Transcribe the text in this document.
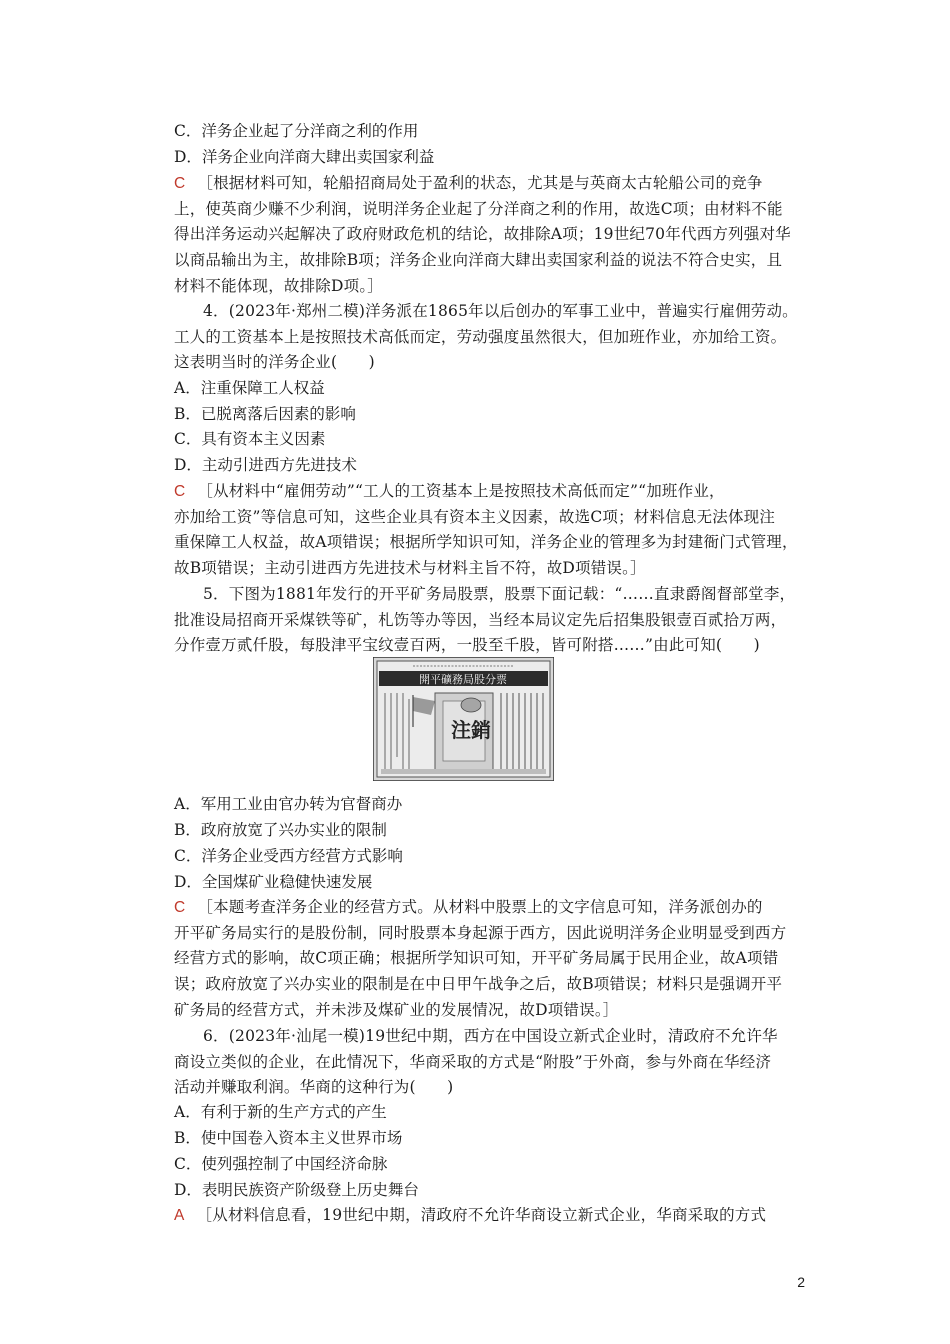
C．洋务企业起了分洋商之利的作用
D．洋务企业向洋商大肆出卖国家利益
C ［根据材料可知，轮船招商局处于盈利的状态，尤其是与英商太古轮船公司的竞争
上，使英商少赚不少利润，说明洋务企业起了分洋商之利的作用，故选C项；由材料不能
得出洋务运动兴起解决了政府财政危机的结论，故排除A项；19世纪70年代西方列强对华
以商品输出为主，故排除B项；洋务企业向洋商大肆出卖国家利益的说法不符合史实，且
材料不能体现，故排除D项。］
4．(2023年·郑州二模)洋务派在1865年以后创办的军事工业中，普遍实行雇佣劳动。
工人的工资基本上是按照技术高低而定，劳动强度虽然很大，但加班作业，亦加给工资。
这表明当时的洋务企业(　　)
A．注重保障工人权益
B．已脱离落后因素的影响
C．具有资本主义因素
D．主动引进西方先进技术
C ［从材料中“雇佣劳动”“工人的工资基本上是按照技术高低而定”“加班作业，
亦加给工资”等信息可知，这些企业具有资本主义因素，故选C项；材料信息无法体现注
重保障工人权益，故A项错误；根据所学知识可知，洋务企业的管理多为封建衙门式管理，
故B项错误；主动引进西方先进技术与材料主旨不符，故D项错误。］
5．下图为1881年发行的开平矿务局股票，股票下面记载：“……直隶爵阁督部堂李，
批准设局招商开采煤铁等矿，札饬等办等因，当经本局议定先后招集股银壹百贰拾万两，
分作壹万贰仟股，每股津平宝纹壹百两，一股至千股，皆可附搭……”由此可知(　　)
開平礦務局股分票
注銷
A．军用工业由官办转为官督商办
B．政府放宽了兴办实业的限制
C．洋务企业受西方经营方式影响
D．全国煤矿业稳健快速发展
C ［本题考查洋务企业的经营方式。从材料中股票上的文字信息可知，洋务派创办的
开平矿务局实行的是股份制，同时股票本身起源于西方，因此说明洋务企业明显受到西方
经营方式的影响，故C项正确；根据所学知识可知，开平矿务局属于民用企业，故A项错
误；政府放宽了兴办实业的限制是在中日甲午战争之后，故B项错误；材料只是强调开平
矿务局的经营方式，并未涉及煤矿业的发展情况，故D项错误。］
6．(2023年·汕尾一模)19世纪中期，西方在中国设立新式企业时，清政府不允许华
商设立类似的企业，在此情况下，华商采取的方式是“附股”于外商，参与外商在华经济
活动并赚取利润。华商的这种行为(　　)
A．有利于新的生产方式的产生
B．使中国卷入资本主义世界市场
C．使列强控制了中国经济命脉
D．表明民族资产阶级登上历史舞台
A ［从材料信息看，19世纪中期，清政府不允许华商设立新式企业，华商采取的方式
2
